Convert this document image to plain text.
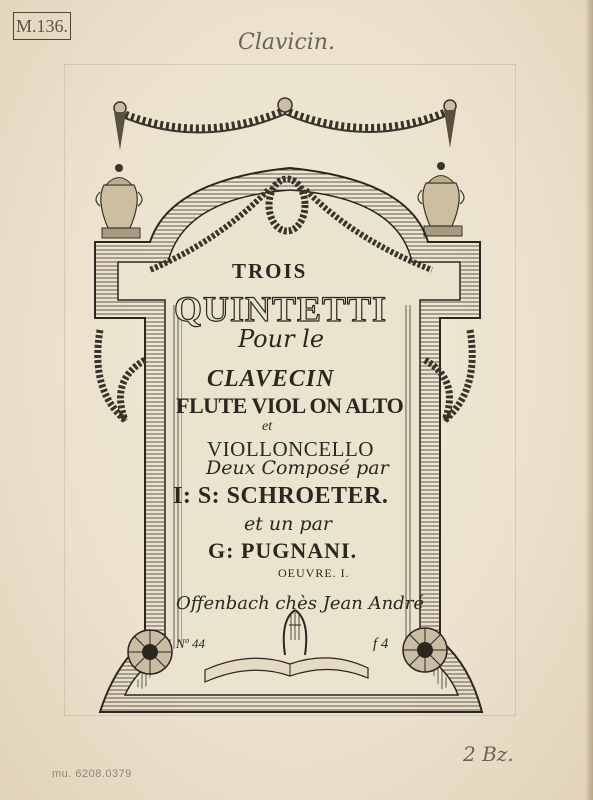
M.136.
Clavicin.
2 Bz.
mu. 6208.0379
TROIS
QUINTETTI
Pour le
CLAVECIN
FLUTE VIOL ON ALTO
et
VIOLLONCELLO
Deux Composé par
I: S: SCHROETER.
et un par
G: PUGNANI.
OEUVRE. I.
Offenbach chès Jean André
Nº 44	f 4
